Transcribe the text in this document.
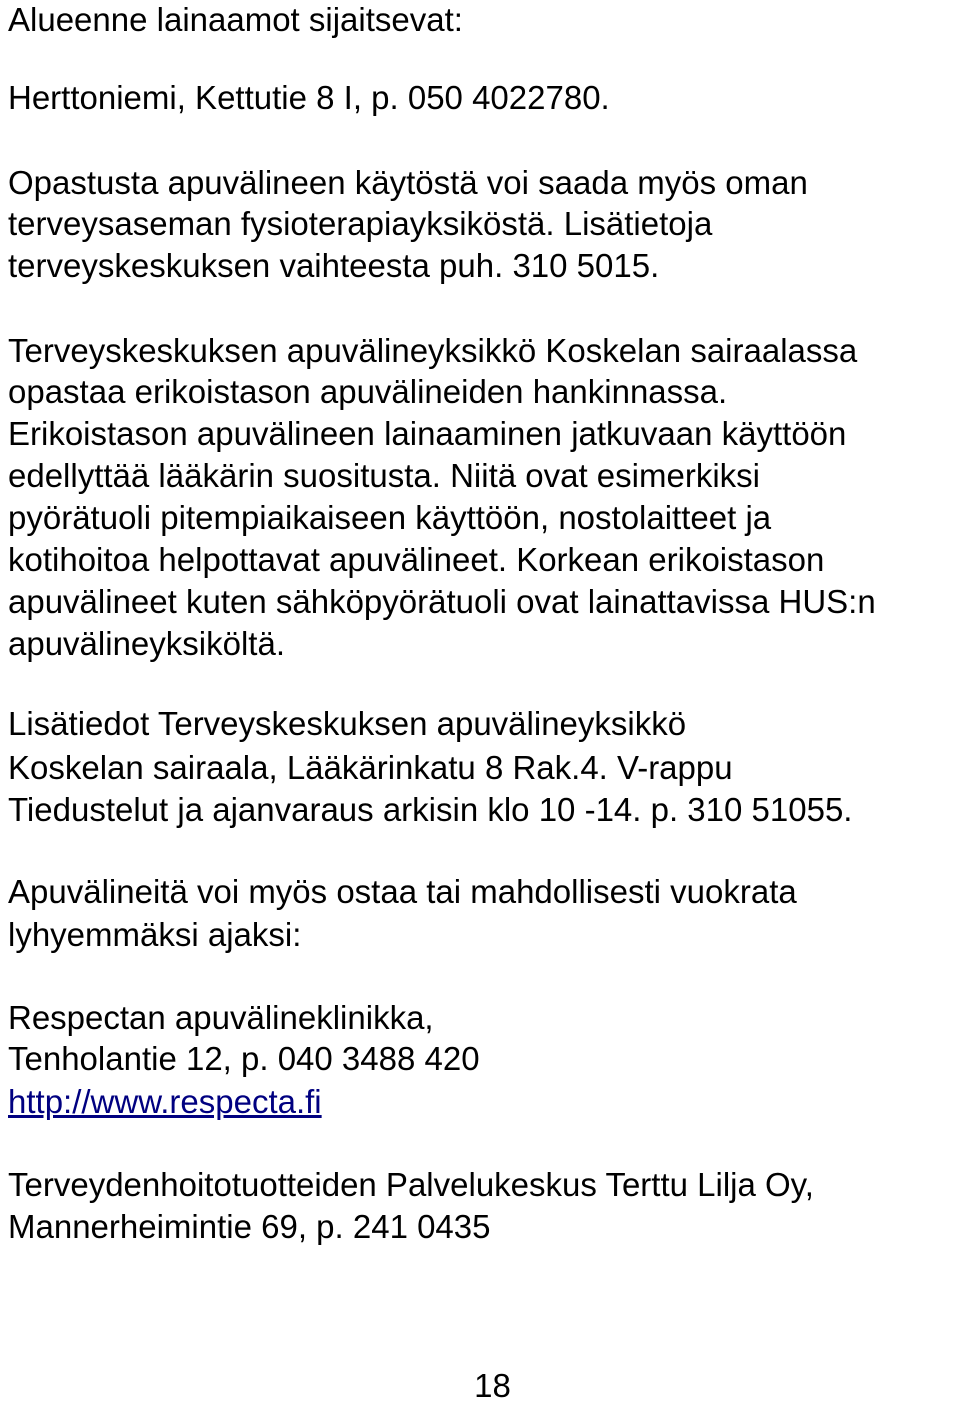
Alueenne lainaamot sijaitsevat:

Herttoniemi, Kettutie 8 I, p. 050 4022780.

Opastusta apuvälineen käytöstä voi saada myös oman

terveysaseman fysioterapiayksiköstä. Lisätietoja

terveyskeskuksen vaihteesta puh. 310 5015.

Terveyskeskuksen apuvälineyksikkö Koskelan sairaalassa

opastaa erikoistason apuvälineiden hankinnassa.

Erikoistason apuvälineen lainaaminen jatkuvaan käyttöön

edellyttää lääkärin suositusta. Niitä ovat esimerkiksi

pyörätuoli pitempiaikaiseen käyttöön, nostolaitteet ja

kotihoitoa helpottavat apuvälineet. Korkean erikoistason

apuvälineet kuten sähköpyörätuoli ovat lainattavissa HUS:n

apuvälineyksiköltä.

Lisätiedot Terveyskeskuksen apuvälineyksikkö

Koskelan sairaala, Lääkärinkatu 8 Rak.4. V-rappu

Tiedustelut ja ajanvaraus arkisin klo 10 -14. p. 310 51055.

Apuvälineitä voi myös ostaa tai mahdollisesti vuokrata

lyhyemmäksi ajaksi:

Respectan apuvälineklinikka,

Tenholantie 12, p. 040 3488 420

http://www.respecta.fi

Terveydenhoitotuotteiden Palvelukeskus Terttu Lilja Oy,

Mannerheimintie 69, p. 241 0435

18
